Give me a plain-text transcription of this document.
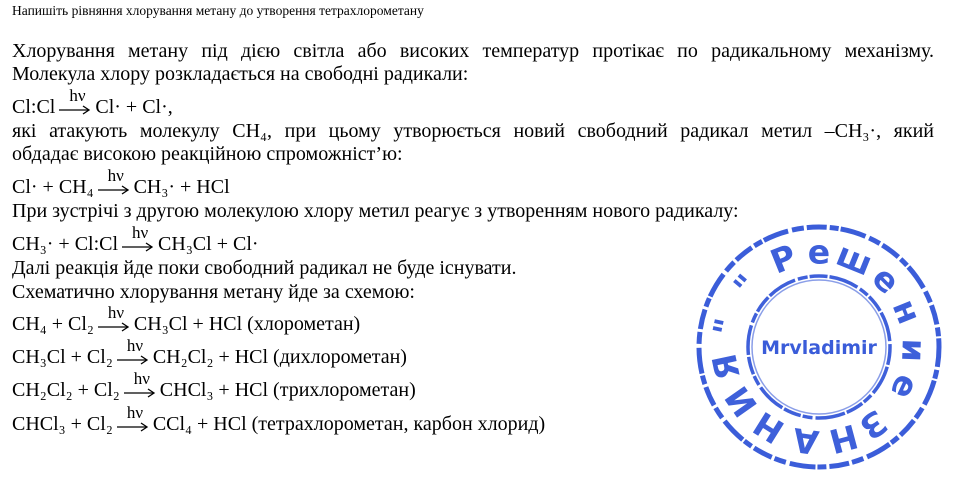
Напишіть рівняння хлорування метану до утворення тетрахлорометану
Хлорування метану під дією світла або високих температур протікає по радикальному механізму.
Молекула хлору розкладається на свободні радикали:
Cl:Cl
hν
Cl· + Cl·,
які атакують молекулу СН₄, при цьому утворюється новий свободний радикал метил –СН₃·, який
обдадає високою реакційною спроможніст’ю:
Cl· + CH₄
hν
CH₃· + HCl
При зустрічі з другою молекулою хлору метил реагує з утворенням нового радикалу:
CH₃· + Cl:Cl
hν
CH₃Cl + Cl·
Далі реакція йде поки свободний радикал не буде існувати.
Схематично хлорування метану йде за схемою:
CH₄ + Cl₂
hν
CH₃Cl + HCl (хлорометан)
CH₃Cl + Cl₂
hν
CH₂Cl₂ + HCl (дихлорометан)
CH₂Cl₂ + Cl₂
hν
CHCl₃ + HCl (трихлорометан)
CHCl₃ + Cl₂
hν
CCl₄ + HCl (тетрахлорометан, карбон хлорид)
"
Р е ш
е
н
и
е
З
Н
А
Н
И
Я
"
Mrvladimir
